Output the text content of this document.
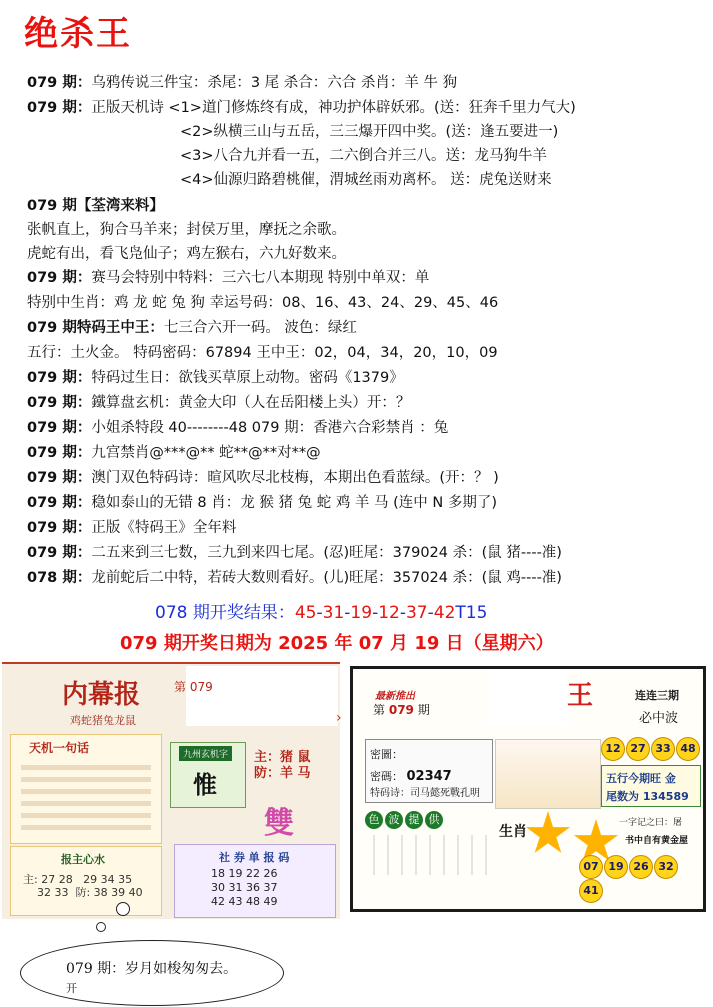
绝杀王
079 期：乌鸦传说三件宝：杀尾：3 尾 杀合：六合 杀肖：羊 牛 狗
079 期：正版天机诗 <1>道门修炼终有成，神功护体辟妖邪。(送：狂奔千里力气大)
<2>纵横三山与五岳，三三爆开四中奖。(送：逢五要进一)
<3>八合九并看一五，二六倒合并三八。送：龙马狗牛羊
<4>仙源归路碧桃催，渭城丝雨劝离杯。 送：虎兔送财来
079 期【荃湾来料】
张帆直上，狗合马羊来；封侯万里，摩抚之余歌。
虎蛇有出，看飞凫仙子；鸡左猴右，六九好数来。
079 期：赛马会特别中特料：三六七八本期现 特别中单双：单
特别中生肖：鸡 龙 蛇 兔 狗 幸运号码：08、16、43、24、29、45、46
079 期特码王中王：七三合六开一码。 波色：绿红
五行：土火金。 特码密码：67894 王中王：02，04，34，20，10，09
079 期：特码过生日：欲钱买草原上动物。密码《1379》
079 期：鐵算盘玄机：黄金大印（人在岳阳楼上头）开：？
079 期：小姐杀特段 40--------48 079 期：香港六合彩禁肖 ：兔
079 期：九宫禁肖@***@** 蛇**@**对**@
079 期：澳门双色特码诗：暄风吹尽北枝梅，本期出色看蓝绿。(开：？ )
079 期：稳如泰山的无错 8 肖：龙 猴 猪 兔 蛇 鸡 羊 马 (连中 N 多期了)
079 期：正版《特码王》全年料
079 期：二五来到三七数，三九到来四七尾。(忍)旺尾：379024 杀：(鼠 猪----准)
078 期：龙前蛇后二中特，若砖大数则看好。(儿)旺尾：357024 杀：(鼠 鸡----准)
078 期开奖结果：45-31-19-12-37-42T15
079 期开奖日期为 2025 年 07 月 19 日（星期六）
内幕报	第 079
鸡蛇猪兔龙鼠
天机一句话
报主心水
主: 27 28   29 34 35
32 33  防: 38 39 40
九州玄机字
惟
主：猪 鼠
防：羊 马
雙
社 券 单 报 码
18 19 22 26
30 31 36 37
42 43 48 49
›
最新推出
第 079 期	王	连连三期
必中波
密圖：
密碼： 02347
特码诗：司马懿死戰孔明
12 27 33 48
五行今期旺 金
尾数为 134589
色 波 提 供
生肖
一字记之曰：屠
书中自有黄金屋
07 19 26 3241
079 期：岁月如梭匆匆去。
开
